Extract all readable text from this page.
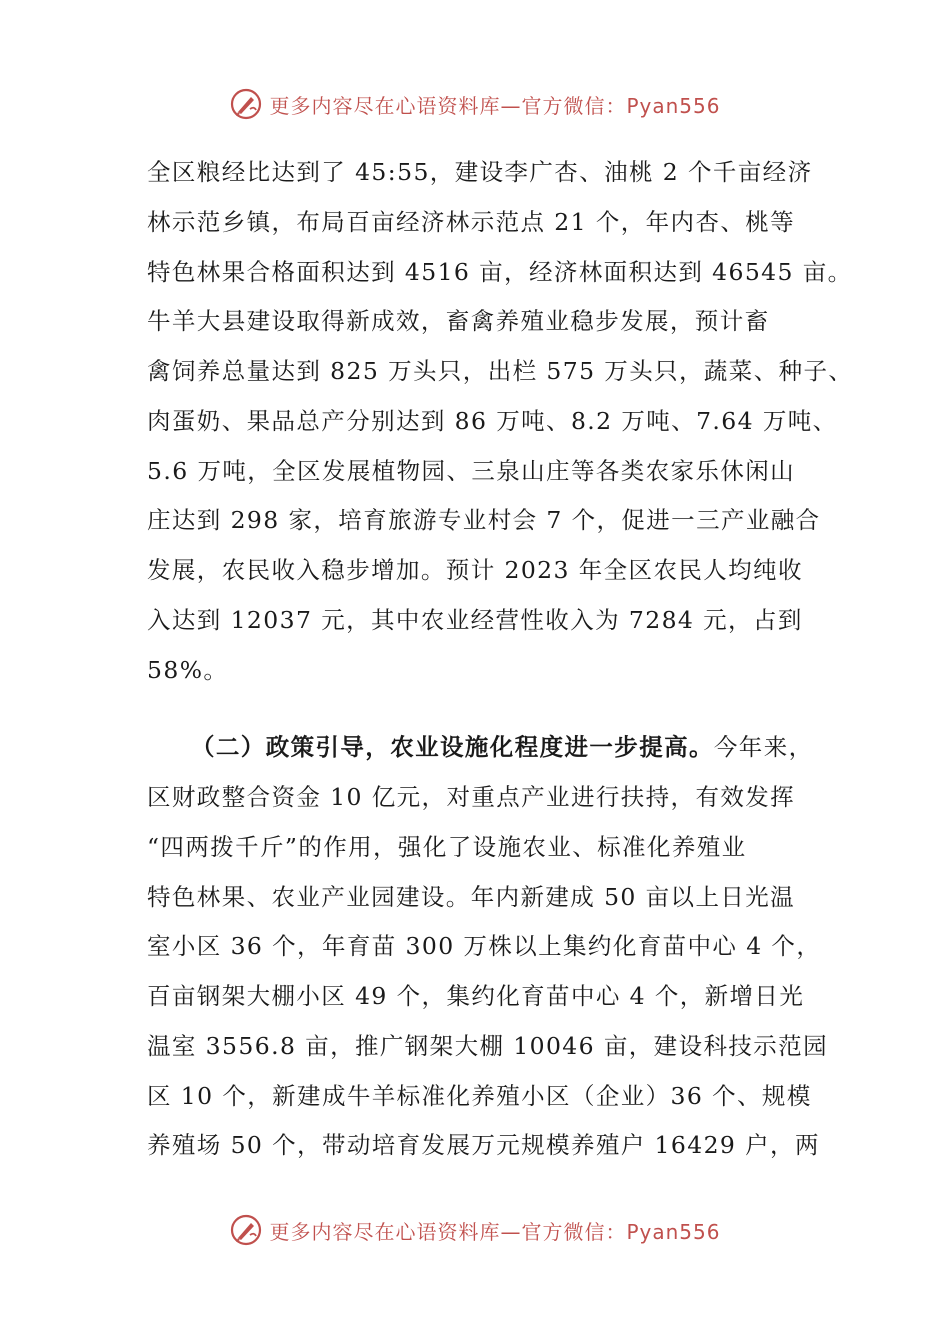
更多内容尽在心语资料库—官方微信：Pyan556
全区粮经比达到了 45:55，建设李广杏、油桃 2 个千亩经济
林示范乡镇，布局百亩经济林示范点 21 个，年内杏、桃等
特色林果合格面积达到 4516 亩，经济林面积达到 46545 亩。
牛羊大县建设取得新成效，畜禽养殖业稳步发展，预计畜
禽饲养总量达到 825 万头只，出栏 575 万头只，蔬菜、种子、
肉蛋奶、果品总产分别达到 86 万吨、8.2 万吨、7.64 万吨、
5.6 万吨，全区发展植物园、三泉山庄等各类农家乐休闲山
庄达到 298 家，培育旅游专业村会 7 个，促进一三产业融合
发展，农民收入稳步增加。预计 2023 年全区农民人均纯收
入达到 12037 元，其中农业经营性收入为 7284 元，占到
58%。
（二）政策引导，农业设施化程度进一步提高。今年来，
区财政整合资金 10 亿元，对重点产业进行扶持，有效发挥
“四两拨千斤”的作用，强化了设施农业、标准化养殖业
特色林果、农业产业园建设。年内新建成 50 亩以上日光温
室小区 36 个，年育苗 300 万株以上集约化育苗中心 4 个，
百亩钢架大棚小区 49 个，集约化育苗中心 4 个，新增日光
温室 3556.8 亩，推广钢架大棚 10046 亩，建设科技示范园
区 10 个，新建成牛羊标准化养殖小区（企业）36 个、规模
养殖场 50 个，带动培育发展万元规模养殖户 16429 户，两
更多内容尽在心语资料库—官方微信：Pyan556
